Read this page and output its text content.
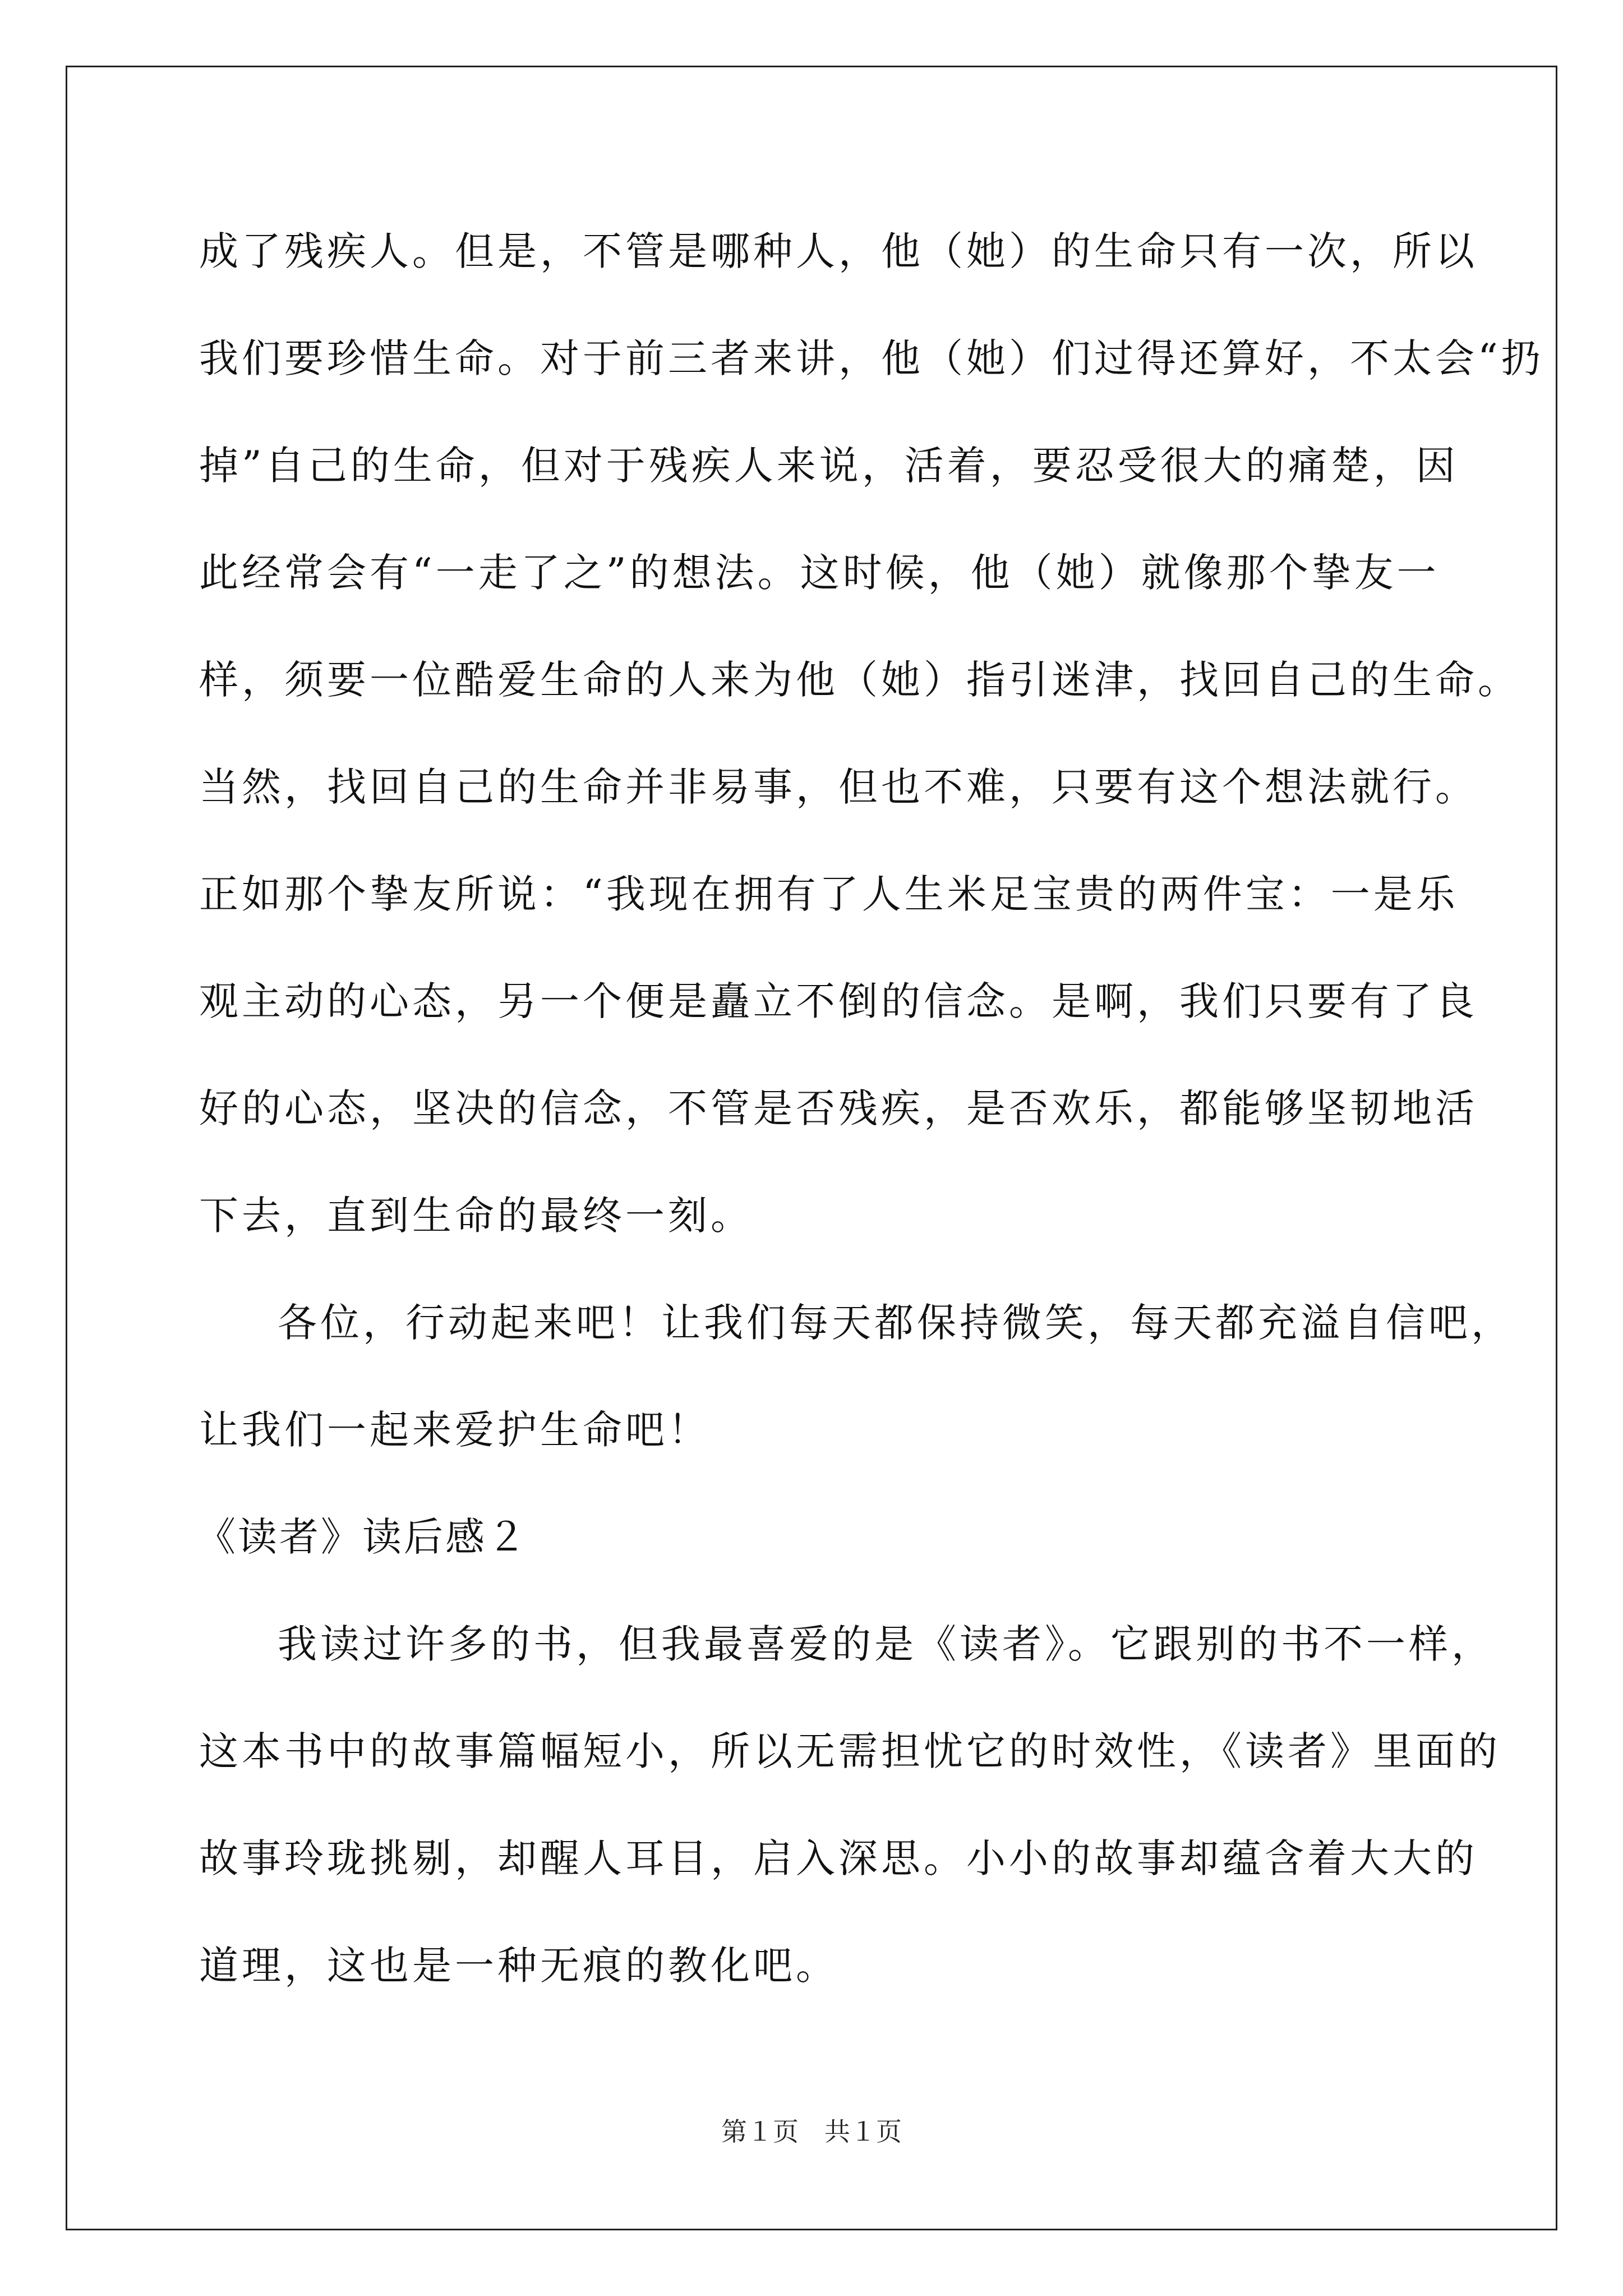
成了残疾人。但是，不管是哪种人，他（她）的生命只有一次，所以
我们要珍惜生命。对于前三者来讲，他（她）们过得还算好，不太会“扔
掉”自己的生命，但对于残疾人来说，活着，要忍受很大的痛楚，因
此经常会有“一走了之”的想法。这时候，他（她）就像那个挚友一
样，须要一位酷爱生命的人来为他（她）指引迷津，找回自己的生命。
当然，找回自己的生命并非易事，但也不难，只要有这个想法就行。
正如那个挚友所说：“我现在拥有了人生米足宝贵的两件宝：一是乐
观主动的心态，另一个便是矗立不倒的信念。是啊，我们只要有了良
好的心态，坚决的信念，不管是否残疾，是否欢乐，都能够坚韧地活
下去，直到生命的最终一刻。
各位，行动起来吧！让我们每天都保持微笑，每天都充溢自信吧，
让我们一起来爱护生命吧！
《读者》读后感２
我读过许多的书，但我最喜爱的是《读者》。它跟别的书不一样，
这本书中的故事篇幅短小，所以无需担忧它的时效性，《读者》里面的
故事玲珑挑剔，却醒人耳目，启入深思。小小的故事却蕴含着大大的
道理，这也是一种无痕的教化吧。
第１页　共１页
